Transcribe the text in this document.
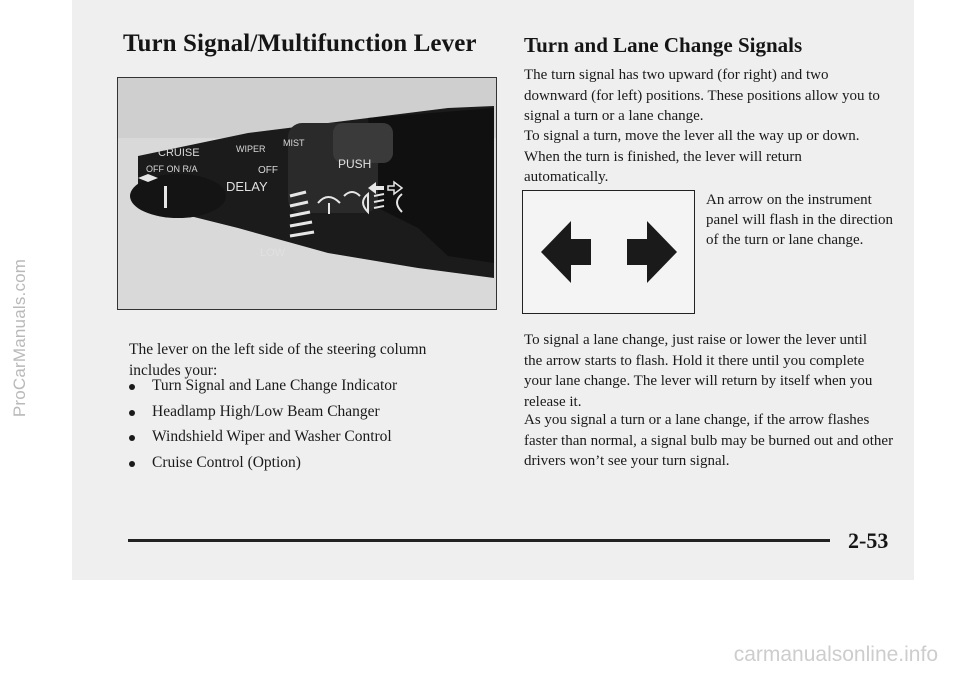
ProCarManuals.com
Turn Signal/Multifunction Lever
CRUISE
OFF ON R/A
WIPER
MIST
OFF
DELAY
PUSH
LOW

The lever on the left side of the steering column includes your:

Turn Signal and Lane Change Indicator
Headlamp High/Low Beam Changer
Windshield Wiper and Washer Control
Cruise Control (Option)
Turn and Lane Change Signals

The turn signal has two upward (for right) and two downward (for left) positions. These positions allow you to signal a turn or a lane change.

To signal a turn, move the lever all the way up or down. When the turn is finished, the lever will return automatically.

An arrow on the instrument panel will flash in the direction of the turn or lane change.

To signal a lane change, just raise or lower the lever until the arrow starts to flash. Hold it there until you complete your lane change. The lever will return by itself when you release it.

As you signal a turn or a lane change, if the arrow flashes faster than normal, a signal bulb may be burned out and other drivers won’t see your turn signal.

2-53

carmanualsonline.info
